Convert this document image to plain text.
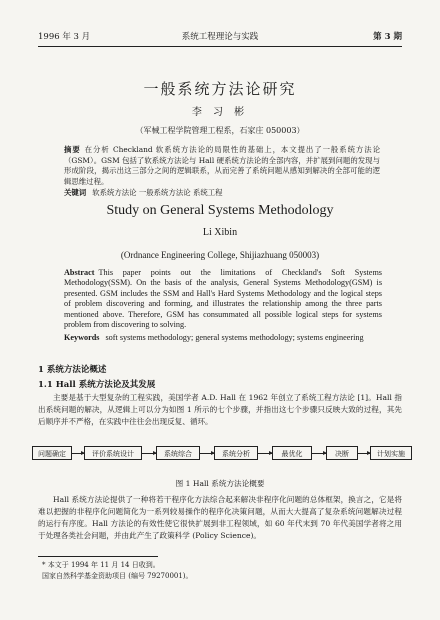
1996 年 3 月	系统工程理论与实践	第 3 期
一般系统方法论研究
李 习 彬
（军械工程学院管理工程系，石家庄 050003）
摘要 在分析 Checkland 软系统方法论的局限性的基础上，本文提出了一般系统方法论（GSM）。GSM 包括了软系统方法论与 Hall 硬系统方法论的全部内容，并扩展到问题的发现与形成阶段，揭示出这三部分之间的逻辑联系，从而完善了系统问题从感知到解决的全部可能的逻辑思维过程。
关键词 软系统方法论 一般系统方法论 系统工程
Study on General Systems Methodology
Li Xibin
(Ordnance Engineering College, Shijiazhuang 050003)
Abstract This paper points out the limitations of Checkland's Soft Systems Methodology(SSM). On the basis of the analysis, General Systems Methodology(GSM) is presented. GSM includes the SSM and Hall's Hard Systems Methodology and the logical steps of problem discovering and forming, and illustrates the relationship among the three parts mentioned above. Therefore, GSM has consummated all possible logical steps for systems problem from discovering to solving.
Keywords soft systems methodology; general systems methodology; systems engineering
1 系统方法论概述
1.1 Hall 系统方法论及其发展
主要是基于大型复杂的工程实践，美国学者 A.D. Hall 在 1962 年创立了系统工程方法论 [1]。Hall 指出系统问题的解决，从逻辑上可以分为如图 1 所示的七个步骤，并指出这七个步骤只反映大致的过程，其先后顺序并不严格，在实践中往往会出现反复、循环。
问题确定	评价系统设计	系统综合	系统分析	最优化	决断	计划实施
图 1 Hall 系统方法论概要
Hall 系统方法论提供了一种将若干程序化方法综合起来解决非程序化问题的总体框架，换言之，它是将难以把握的非程序化问题简化为一系列较易操作的程序化决策问题，从而大大提高了复杂系统问题解决过程的运行有序度。Hall 方法论的有效性使它很快扩展到非工程领域，如 60 年代末到 70 年代美国学者将之用于处理各类社会问题，并由此产生了政策科学 (Policy Science)。
* 本文于 1994 年 11 月 14 日收到。
国家自然科学基金资助项目 (编号 79270001)。
